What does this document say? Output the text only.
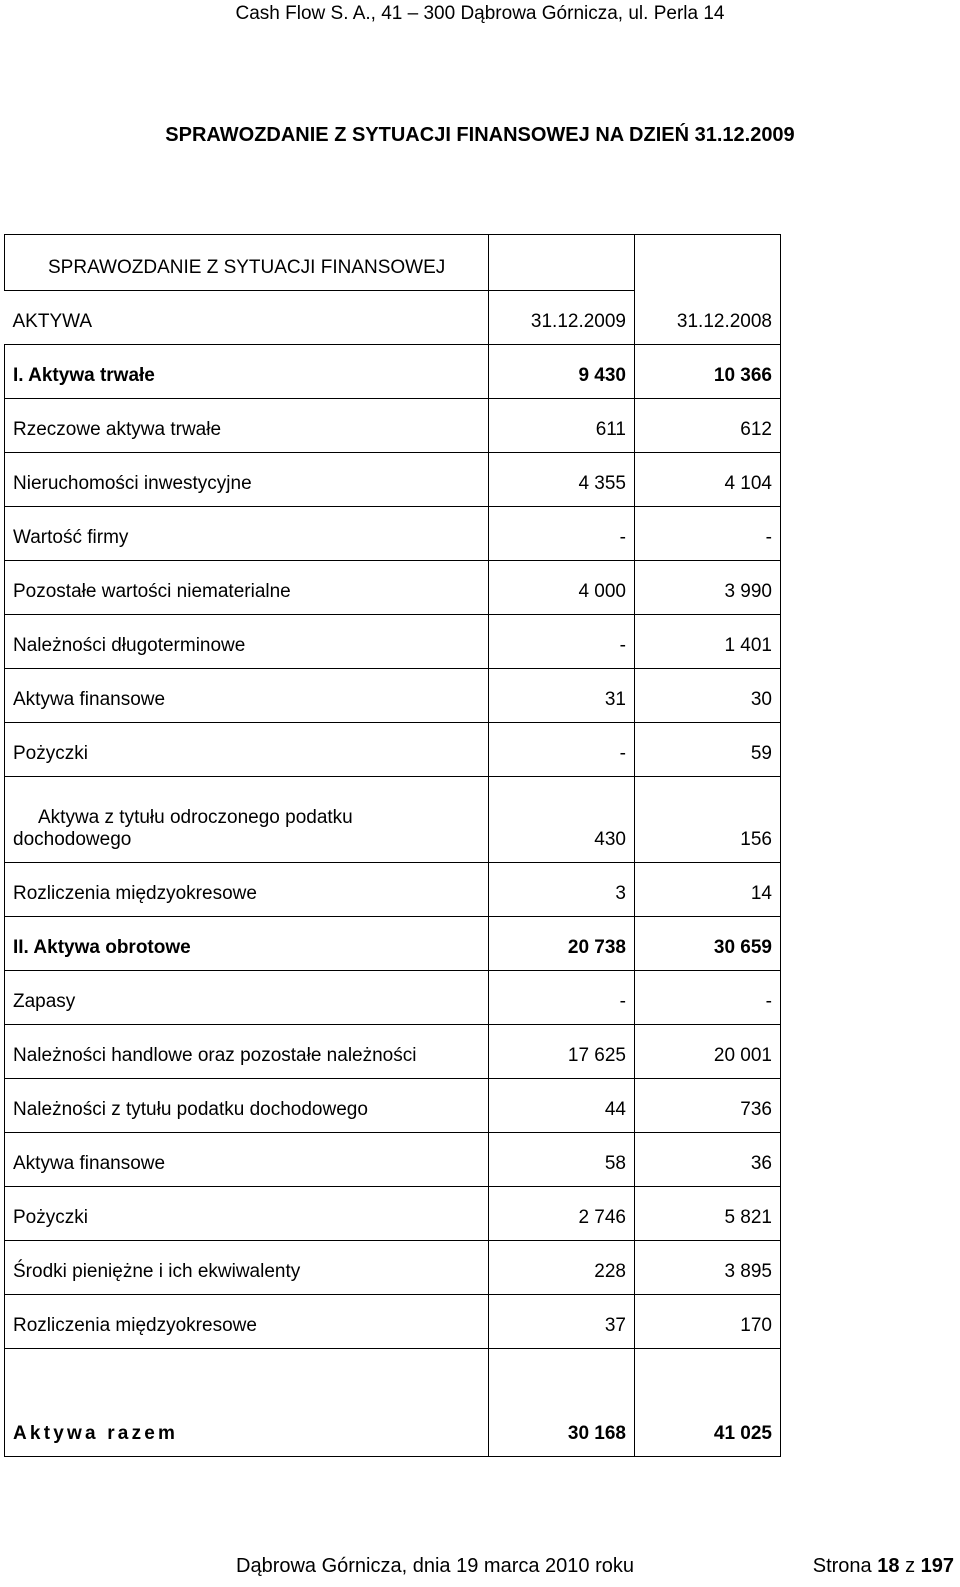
Cash Flow S. A., 41 – 300 Dąbrowa Górnicza, ul. Perla 14
SPRAWOZDANIE Z SYTUACJI FINANSOWEJ NA DZIEŃ 31.12.2009
SPRAWOZDANIE Z SYTUACJI FINANSOWEJ		
AKTYWA	31.12.2009	31.12.2008
I. Aktywa trwałe	9 430	10 366
Rzeczowe aktywa trwałe	611	612
Nieruchomości inwestycyjne	4 355	4 104
Wartość firmy	-	-
Pozostałe wartości niematerialne	4 000	3 990
Należności długoterminowe	-	1 401
Aktywa finansowe	31	30
Pożyczki	-	59

Aktywa z tytułu odroczonego podatku
dochodowego	430	156
Rozliczenia międzyokresowe	3	14
II. Aktywa obrotowe	20 738	30 659
Zapasy	-	-
Należności handlowe oraz pozostałe należności	17 625	20 001
Należności z tytułu podatku dochodowego	44	736
Aktywa finansowe	58	36
Pożyczki	2 746	5 821
Środki pieniężne i ich ekwiwalenty	228	3 895
Rozliczenia międzyokresowe	37	170
Aktywa razem	30 168	41 025
Dąbrowa Górnicza, dnia 19 marca 2010 roku	Strona 18 z 197
